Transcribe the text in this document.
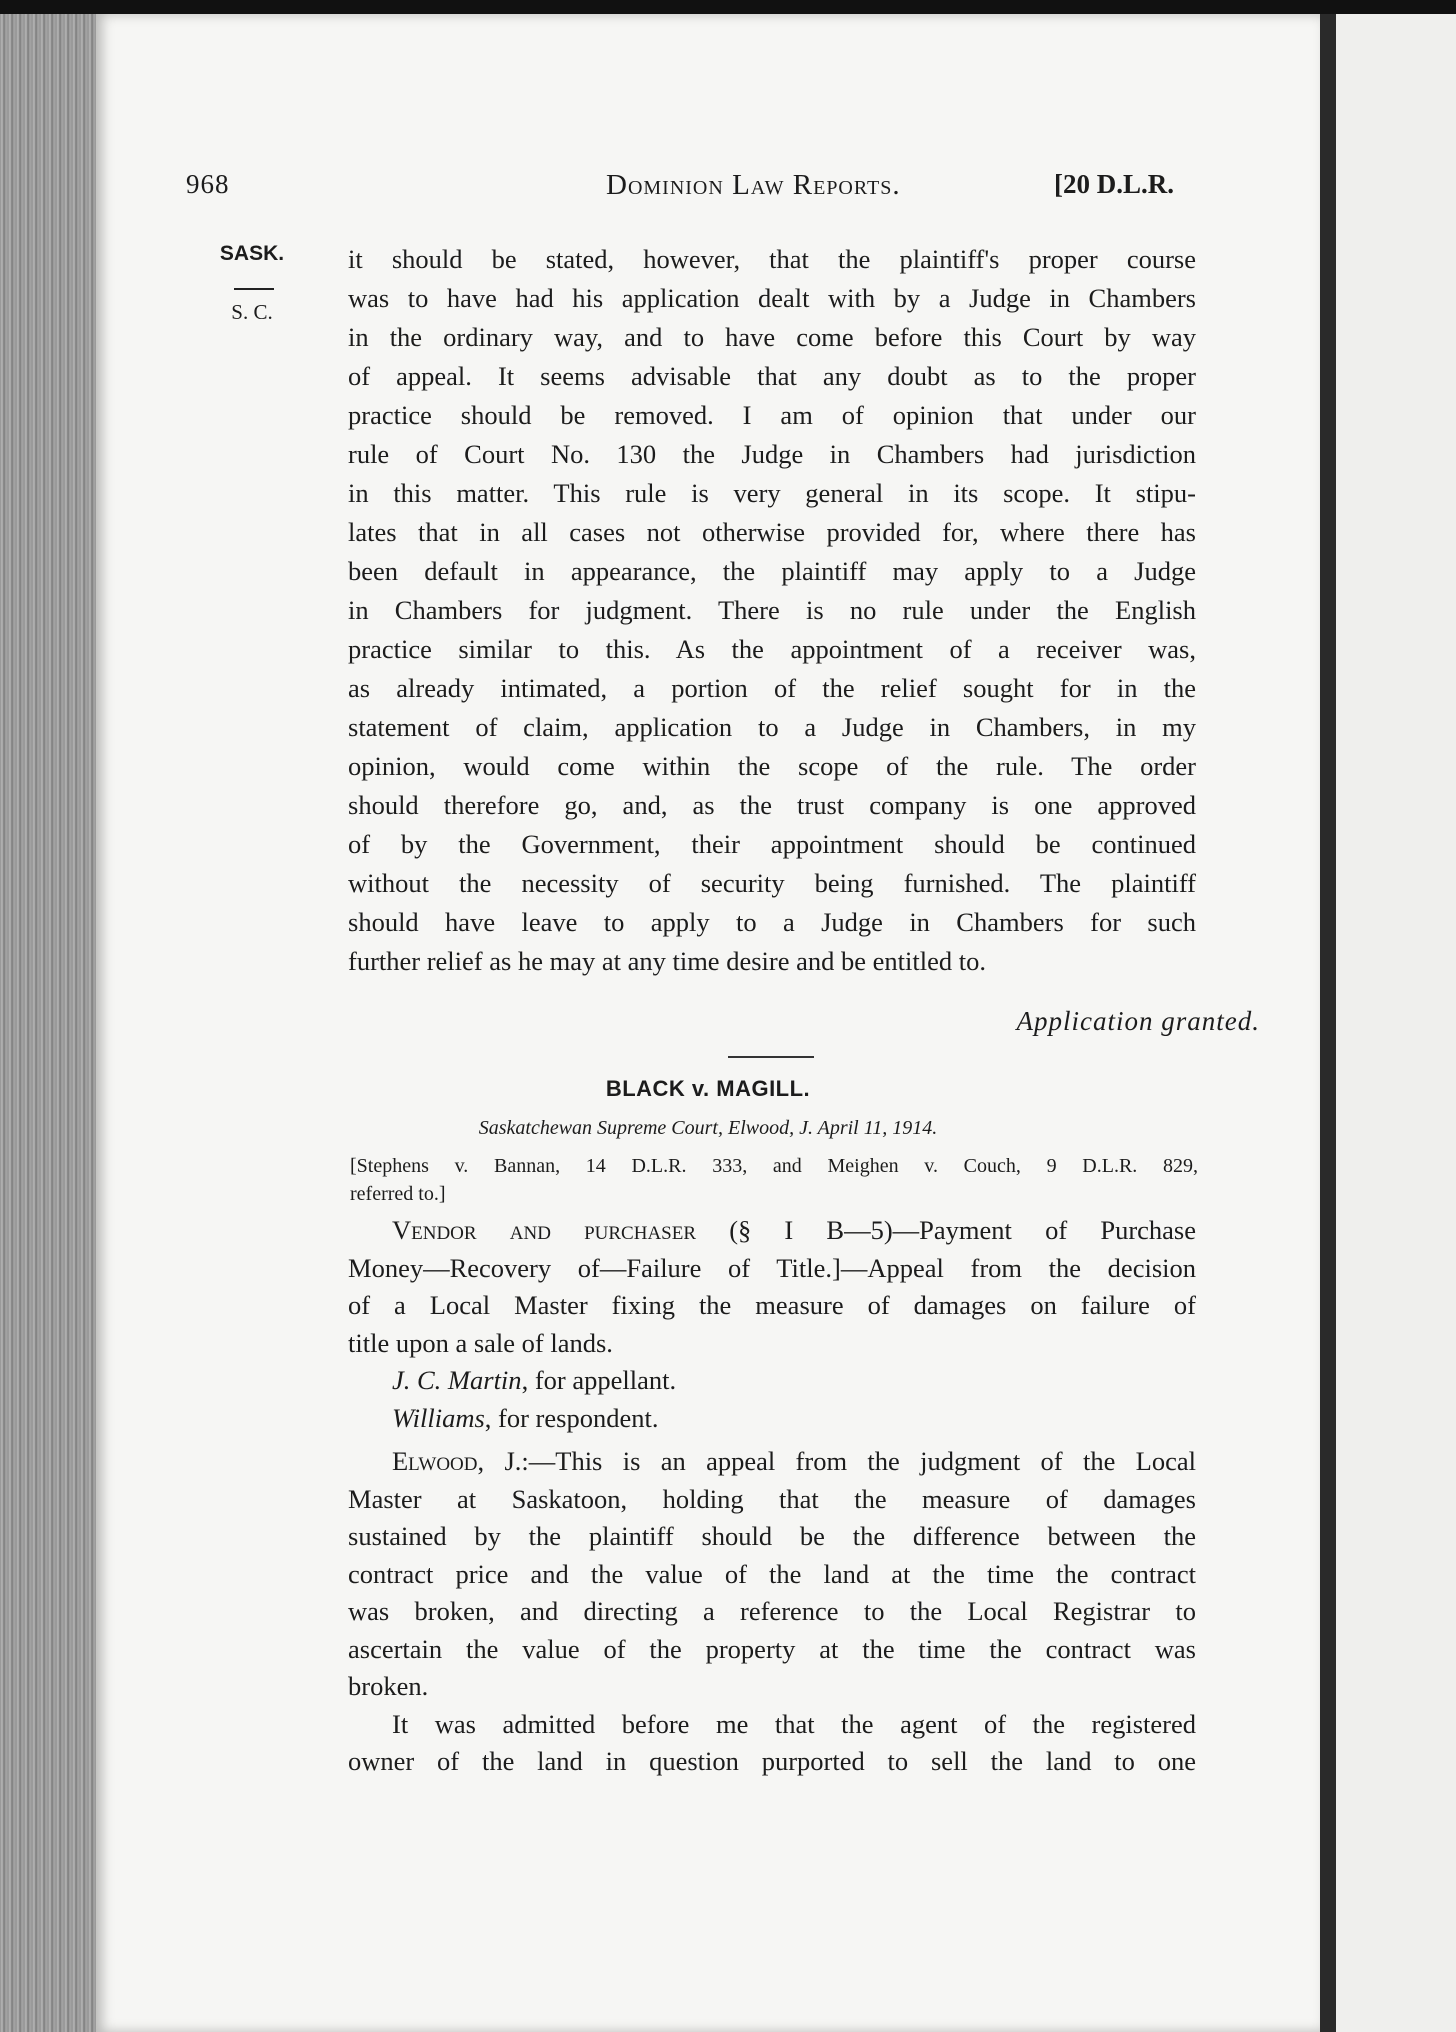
968	Dominion Law Reports.	[20 D.L.R.
SASK.
S. C.
it should be stated, however, that the plaintiff's proper course
was to have had his application dealt with by a Judge in Chambers
in the ordinary way, and to have come before this Court by way
of appeal. It seems advisable that any doubt as to the proper
practice should be removed. I am of opinion that under our
rule of Court No. 130 the Judge in Chambers had jurisdiction
in this matter. This rule is very general in its scope. It stipu-
lates that in all cases not otherwise provided for, where there has
been default in appearance, the plaintiff may apply to a Judge
in Chambers for judgment. There is no rule under the English
practice similar to this. As the appointment of a receiver was,
as already intimated, a portion of the relief sought for in the
statement of claim, application to a Judge in Chambers, in my
opinion, would come within the scope of the rule. The order
should therefore go, and, as the trust company is one approved
of by the Government, their appointment should be continued
without the necessity of security being furnished. The plaintiff
should have leave to apply to a Judge in Chambers for such
further relief as he may at any time desire and be entitled to.
Application granted.
BLACK v. MAGILL.
Saskatchewan Supreme Court, Elwood, J. April 11, 1914.
[Stephens v. Bannan, 14 D.L.R. 333, and Meighen v. Couch, 9 D.L.R. 829,
referred to.]
Vendor and purchaser (§ I B—5)—Payment of Purchase
Money—Recovery of—Failure of Title.]—Appeal from the decision
of a Local Master fixing the measure of damages on failure of
title upon a sale of lands.
J. C. Martin, for appellant.
Williams, for respondent.
Elwood, J.:—This is an appeal from the judgment of the Local
Master at Saskatoon, holding that the measure of damages
sustained by the plaintiff should be the difference between the
contract price and the value of the land at the time the contract
was broken, and directing a reference to the Local Registrar to
ascertain the value of the property at the time the contract was
broken.
It was admitted before me that the agent of the registered
owner of the land in question purported to sell the land to one
